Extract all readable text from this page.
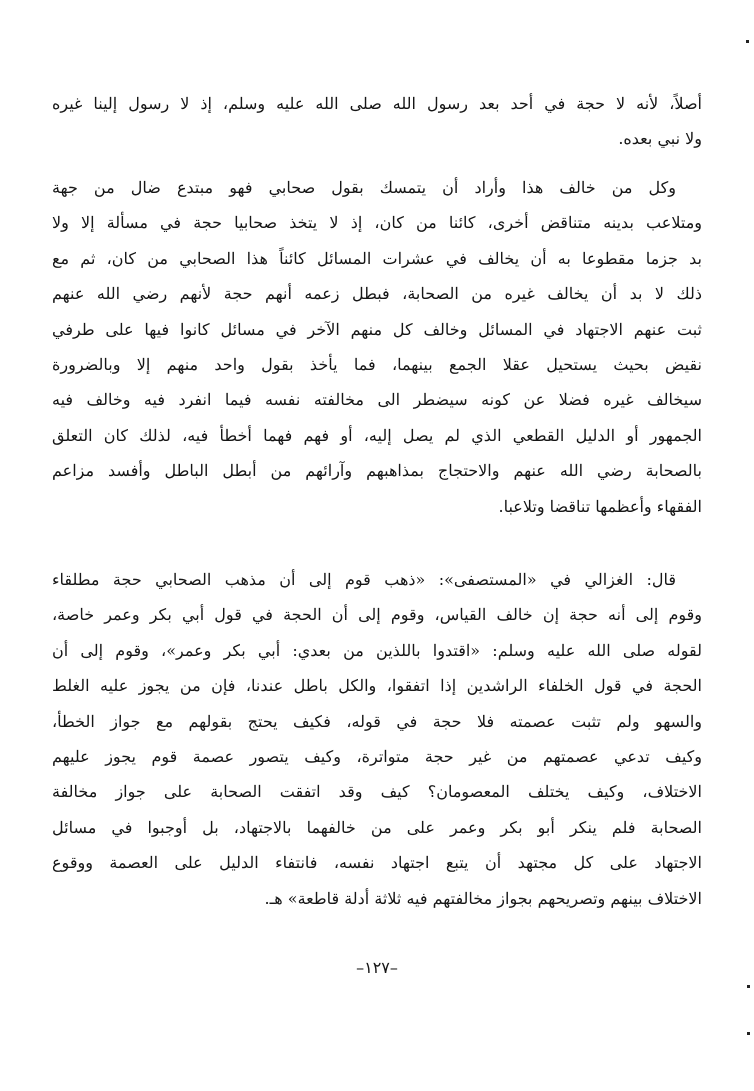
أصلاً، لأنه لا حجة في أحد بعد رسول الله صلى الله عليه وسلم، إذ لا رسول إلينا غيره
ولا نبي بعده.

وكل من خالف هذا وأراد أن يتمسك بقول صحابي فهو مبتدع ضال من جهة
ومتلاعب بدينه متناقض أخرى، كائنا من كان، إذ لا يتخذ صحابيا حجة في مسألة إلا ولا
بد جزما مقطوعا به أن يخالف في عشرات المسائل كائناً هذا الصحابي من كان، ثم مع
ذلك لا بد أن يخالف غيره من الصحابة، فبطل زعمه أنهم حجة لأنهم رضي الله عنهم
ثبت عنهم الاجتهاد في المسائل وخالف كل منهم الآخر في مسائل كانوا فيها على طرفي
نقيض بحيث يستحيل عقلا الجمع بينهما، فما يأخذ بقول واحد منهم إلا وبالضرورة
سيخالف غيره فضلا عن كونه سيضطر الى مخالفته نفسه فيما انفرد فيه وخالف فيه
الجمهور أو الدليل القطعي الذي لم يصل إليه، أو فهم فهما أخطأ فيه، لذلك كان التعلق
بالصحابة رضي الله عنهم والاحتجاج بمذاهبهم وآرائهم من أبطل الباطل وأفسد مزاعم
الفقهاء وأعظمها تناقضا وتلاعبا.

قال: الغزالي في «المستصفى»: «ذهب قوم إلى أن مذهب الصحابي حجة مطلقاء
وقوم إلى أنه حجة إن خالف القياس، وقوم إلى أن الحجة في قول أبي بكر وعمر خاصة،
لقوله صلى الله عليه وسلم: «اقتدوا باللذين من بعدي: أبي بكر وعمر»، وقوم إلى أن
الحجة في قول الخلفاء الراشدين إذا اتفقوا، والكل باطل عندنا، فإن من يجوز عليه الغلط
والسهو ولم تثبت عصمته فلا حجة في قوله، فكيف يحتج بقولهم مع جواز الخطأ،
وكيف تدعي عصمتهم من غير حجة متواترة، وكيف يتصور عصمة قوم يجوز عليهم
الاختلاف، وكيف يختلف المعصومان؟ كيف وقد اتفقت الصحابة على جواز مخالفة
الصحابة فلم ينكر أبو بكر وعمر على من خالفهما بالاجتهاد، بل أوجبوا في مسائل
الاجتهاد على كل مجتهد أن يتبع اجتهاد نفسه، فانتفاء الدليل على العصمة ووقوع
الاختلاف بينهم وتصريحهم بجواز مخالفتهم فيه ثلاثة أدلة قاطعة» هـ.

–١٢٧–
